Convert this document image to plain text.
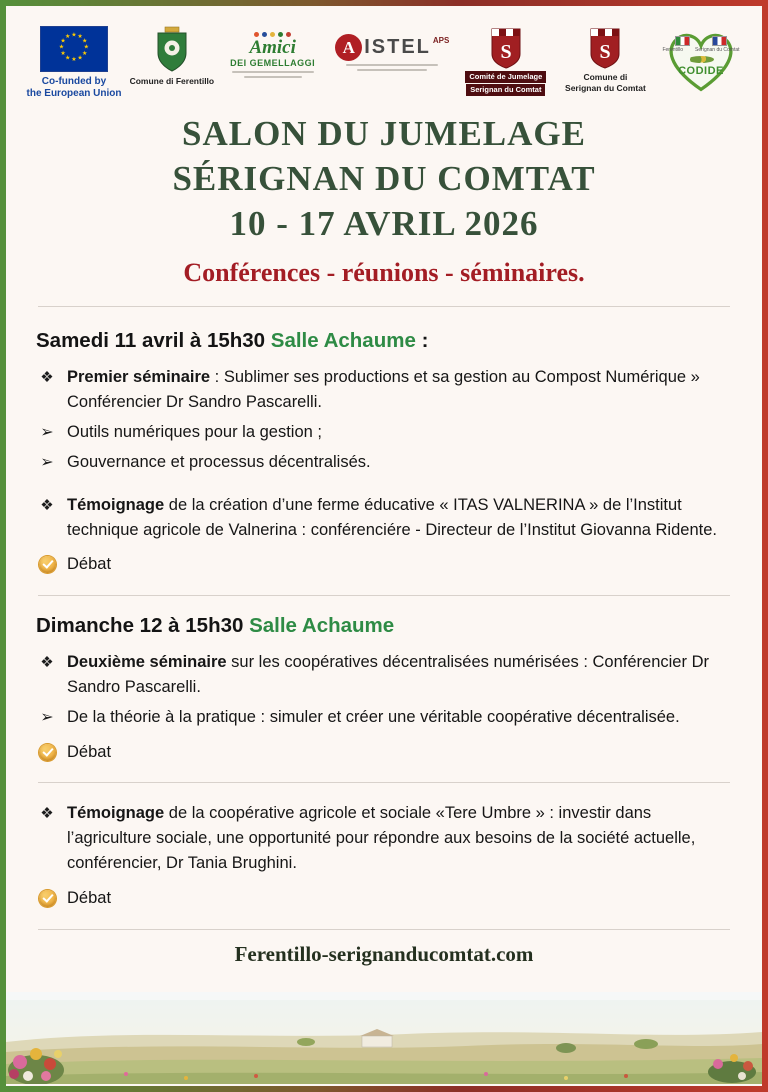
★ ★
★
★
★
★
★
★
★
★
★
★
Co-funded by
the European Union
Comune di Ferentillo
Amici
DEI GEMELLAGGI
A ISTEL APS
S
Comité de Jumelage
Serignan du Comtat
S
Comune di
Serignan du Comtat
Ferentillo Serignan du Comtat
CODIDE
SALON DU JUMELAGE
SÉRIGNAN DU COMTAT
10 - 17 AVRIL 2026
Conférences - réunions - séminaires.
Samedi 11 avril à 15h30 Salle Achaume :
❖ Premier séminaire : Sublimer ses productions et sa gestion au Compost Numérique » Conférencier Dr Sandro Pascarelli.
➢ Outils numériques pour la gestion ;
➢ Gouvernance et processus décentralisés.
❖ Témoignage de la création d’une ferme éducative « ITAS VALNERINA » de l’Institut technique agricole de Valnerina : conférenciére - Directeur de l’Institut Giovanna Ridente.
Débat
Dimanche 12 à 15h30 Salle Achaume
❖ Deuxième séminaire sur les coopératives décentralisées numérisées : Conférencier Dr Sandro Pascarelli.
➢ De la théorie à la pratique : simuler et créer une véritable coopérative décentralisée.
Débat
❖ Témoignage de la coopérative agricole et sociale «Tere Umbre » : investir dans l’agriculture sociale, une opportunité pour répondre aux besoins de la société actuelle, conférencier, Dr Tania Brughini.
Débat
Ferentillo-serignanducomtat.com
